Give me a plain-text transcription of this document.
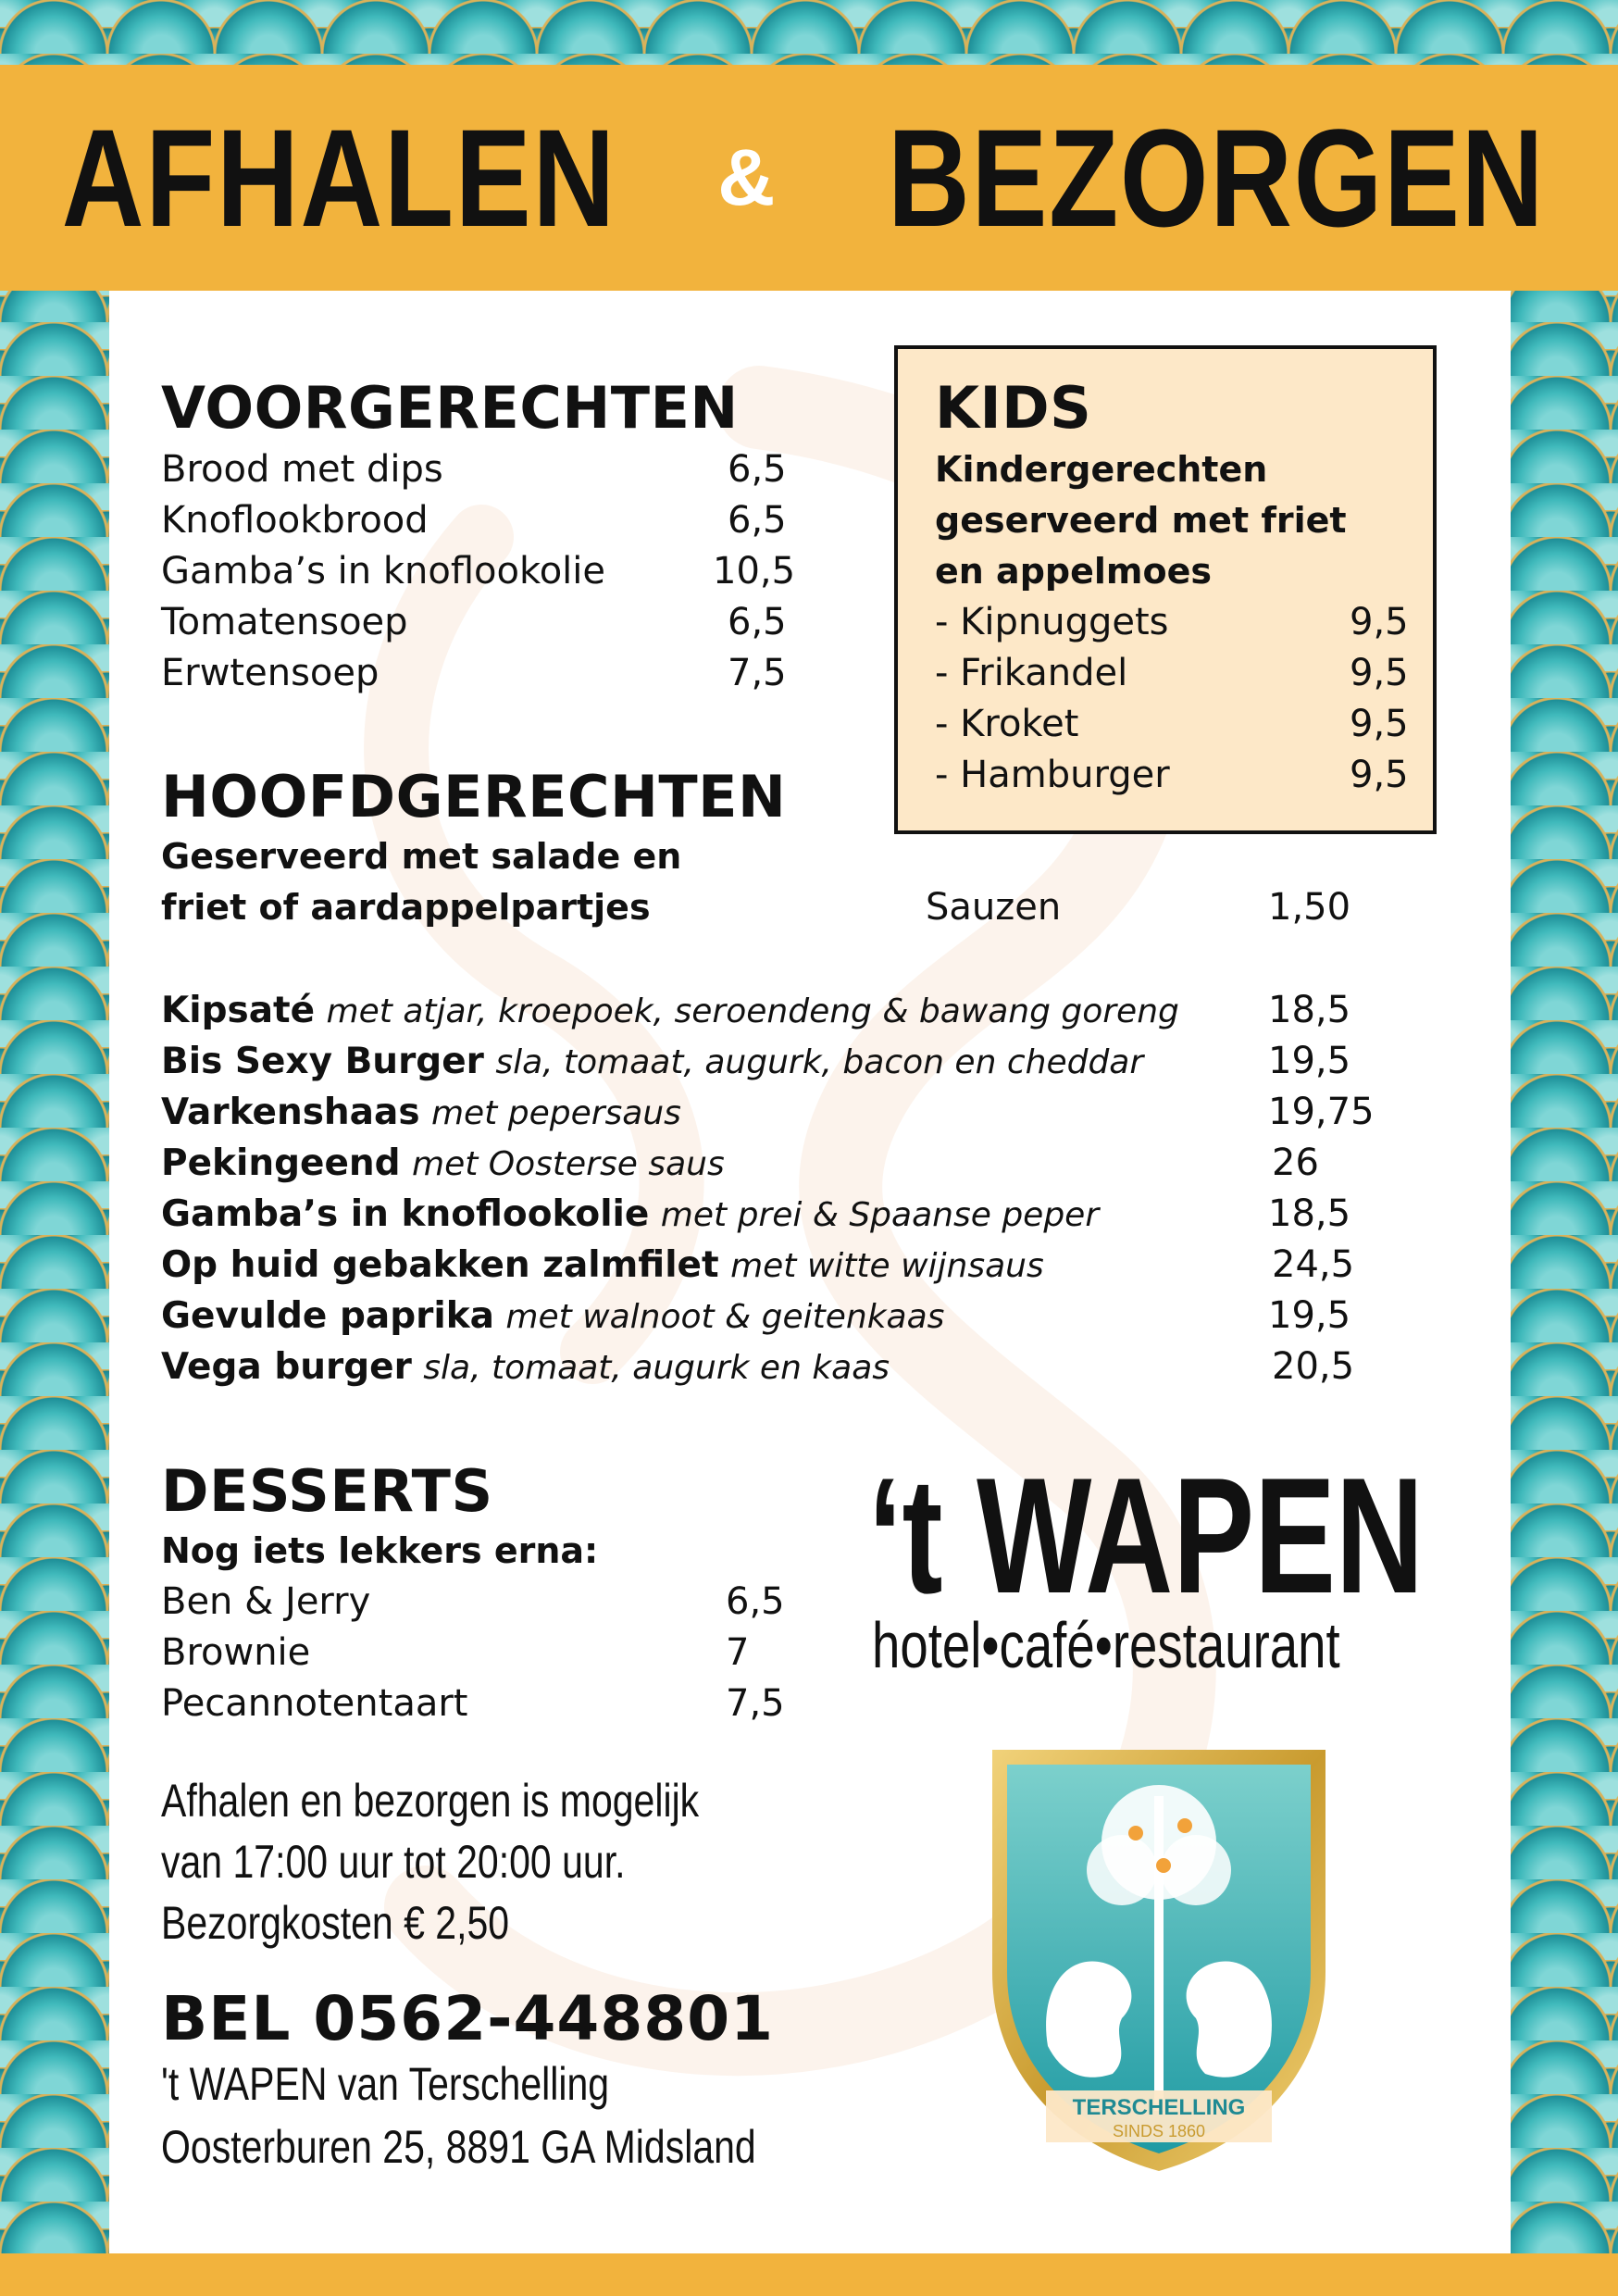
AFHALEN & BEZORGEN
VOORGERECHTEN
Brood met dips	6,5
Knoflookbrood	6,5
Gamba’s in knoflookolie	10,5
Tomatensoep	6,5
Erwtensoep	7,5
KIDS
Kindergerechten
geserveerd met friet
en appelmoes
- Kipnuggets	9,5
- Frikandel	9,5
- Kroket	9,5
- Hamburger	9,5
HOOFDGERECHTEN
Geserveerd met salade en
friet of aardappelpartjes	Sauzen	1,50
Kipsaté met atjar, kroepoek, seroendeng & bawang goreng 18,5
Bis Sexy Burger sla, tomaat, augurk, bacon en cheddar	19,5
Varkenshaas met pepersaus	19,75
Pekingeend met Oosterse saus	26
Gamba’s in knoflookolie met prei & Spaanse peper	18,5
Op huid gebakken zalmfilet met witte wijnsaus	24,5
Gevulde paprika met walnoot & geitenkaas	19,5
Vega burger sla, tomaat, augurk en kaas	20,5
DESSERTS
Nog iets lekkers erna:
Ben & Jerry	6,5
Brownie	7
Pecannotentaart	7,5
Afhalen en bezorgen is mogelijk
van 17:00 uur tot 20:00 uur.
Bezorgkosten € 2,50
BEL 0562-448801
't WAPEN van Terschelling
Oosterburen 25, 8891 GA Midsland
‘t WAPEN
hotel•café•restaurant
TERSCHELLING
SINDS 1860
